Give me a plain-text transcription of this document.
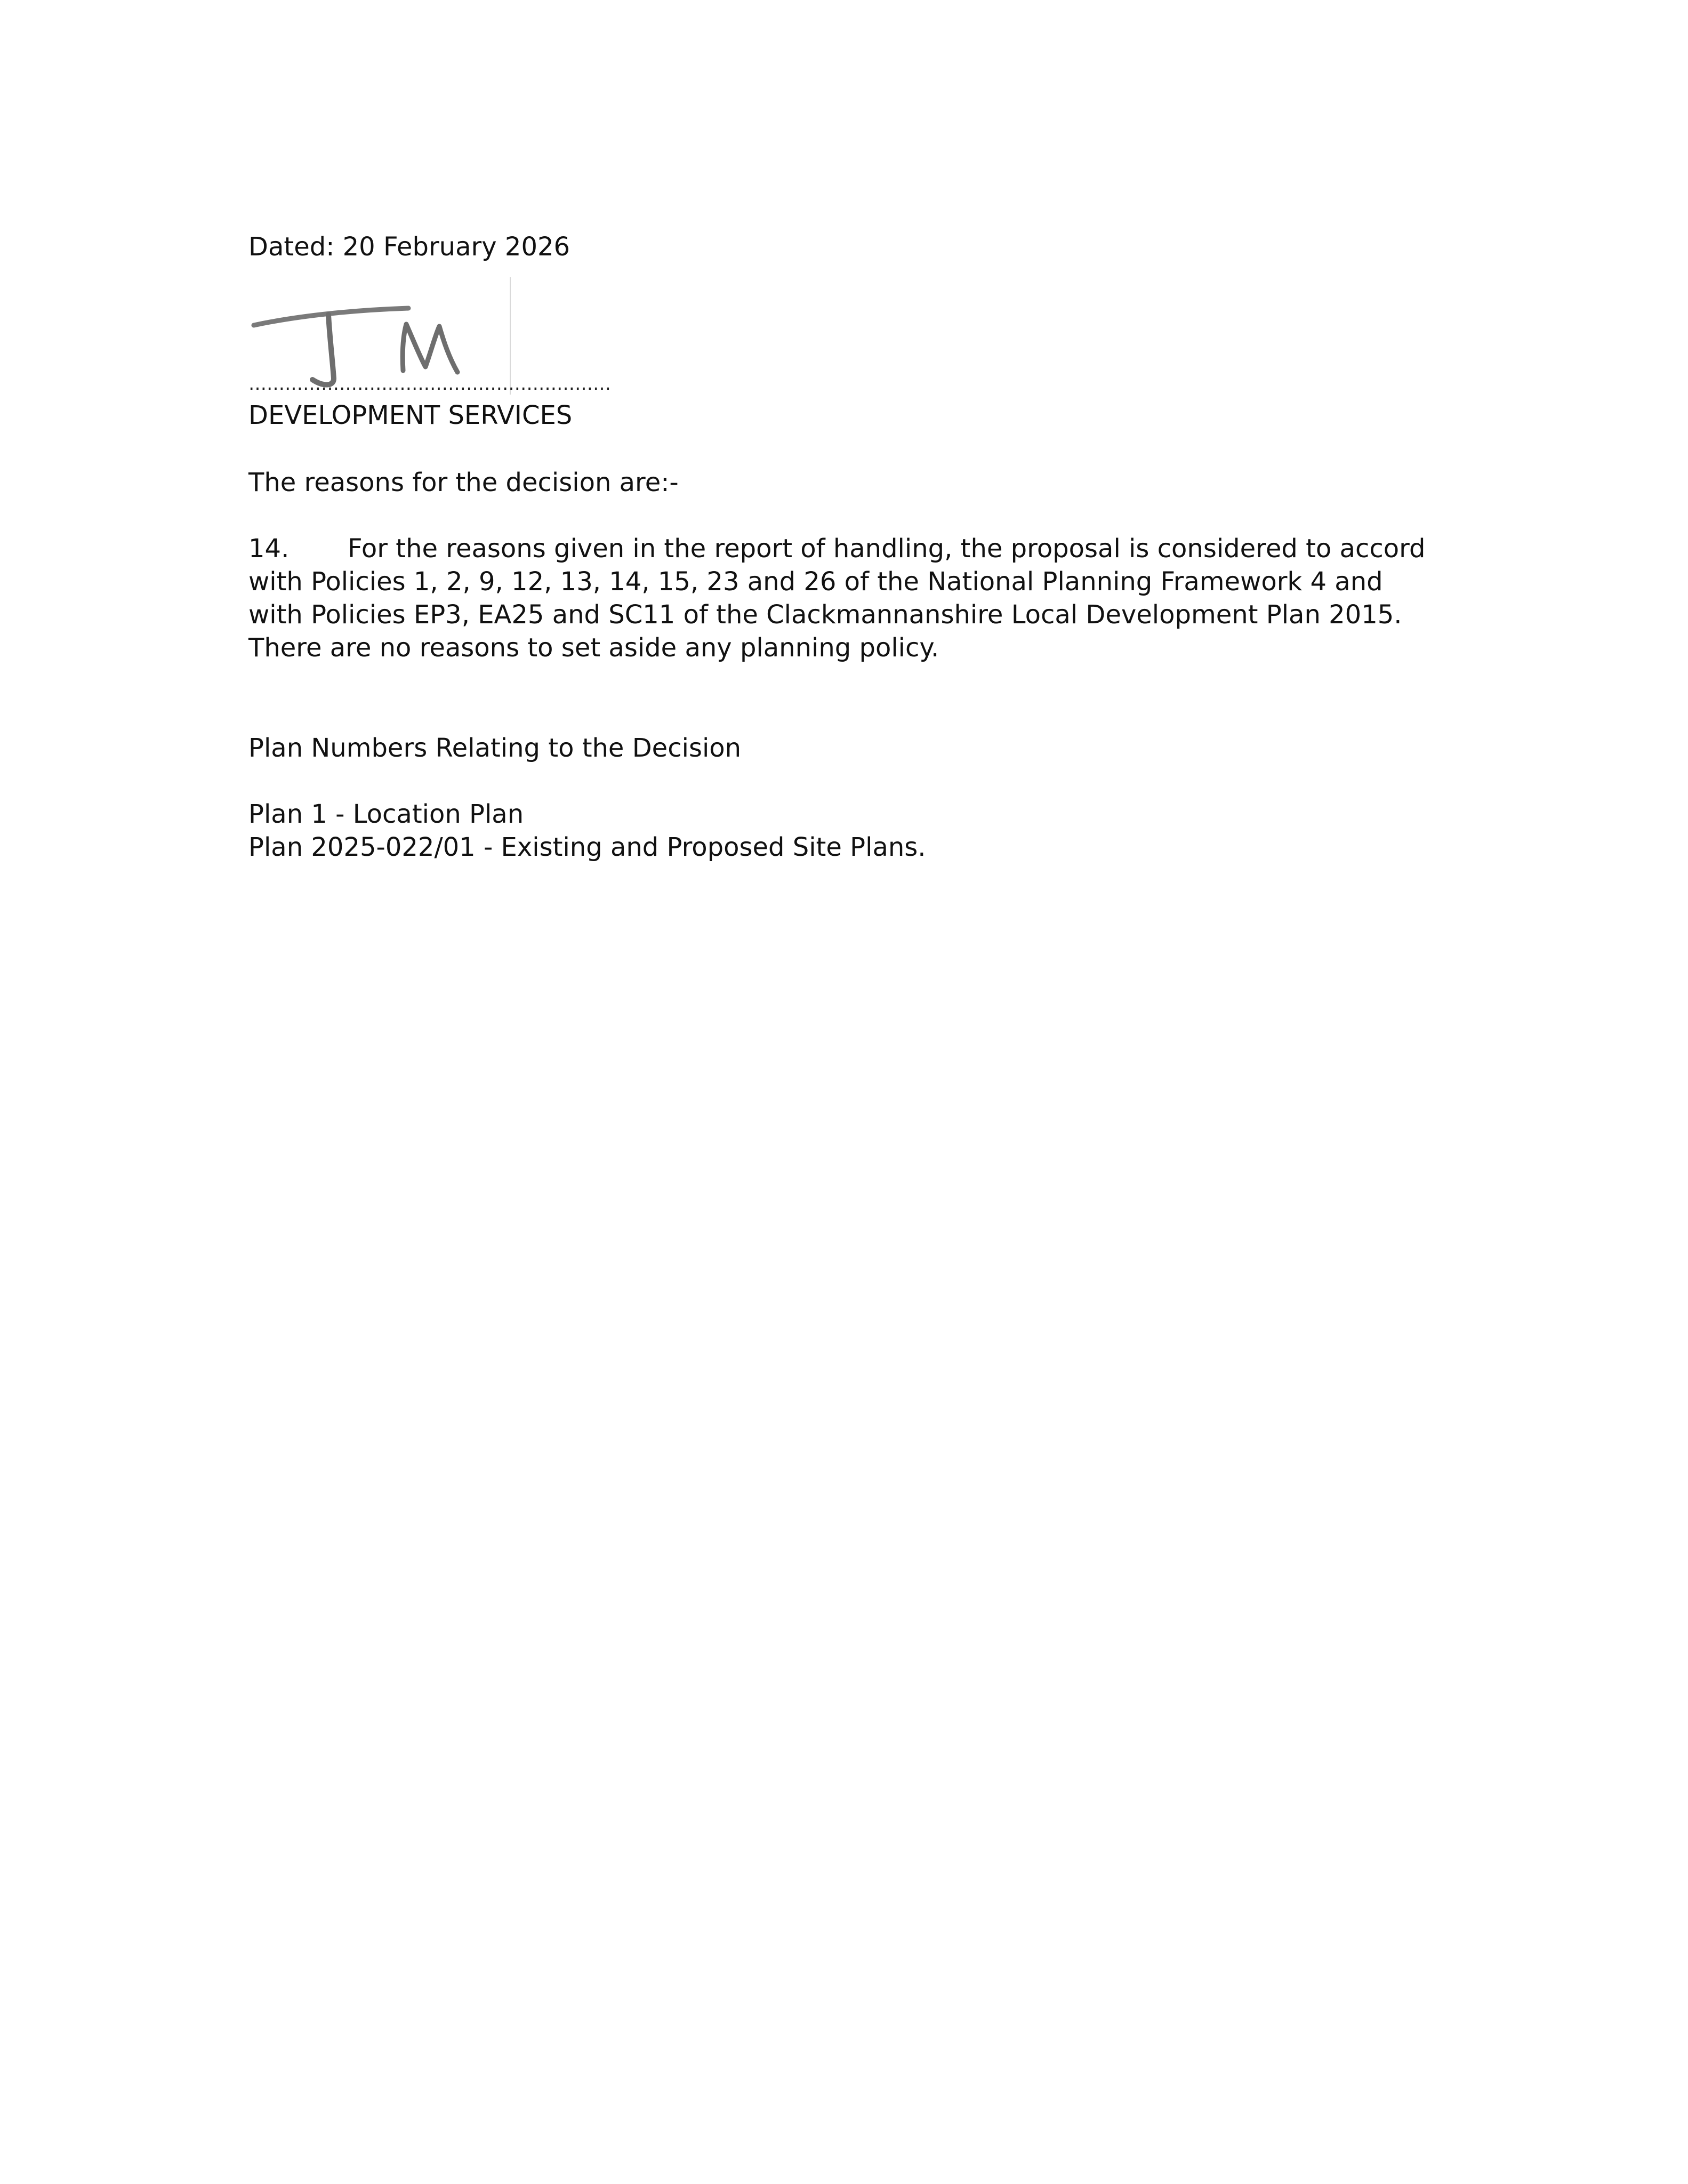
Dated: 20 February 2026

……………………………………………………

DEVELOPMENT SERVICES

The reasons for the decision are:-

14. For the reasons given in the report of handling, the proposal is considered to accord with Policies 1, 2, 9, 12, 13, 14, 15, 23 and 26 of the National Planning Framework 4 and with Policies EP3, EA25 and SC11 of the Clackmannanshire Local Development Plan 2015. There are no reasons to set aside any planning policy.

Plan Numbers Relating to the Decision

Plan 1 - Location Plan
Plan 2025-022/01 - Existing and Proposed Site Plans.
